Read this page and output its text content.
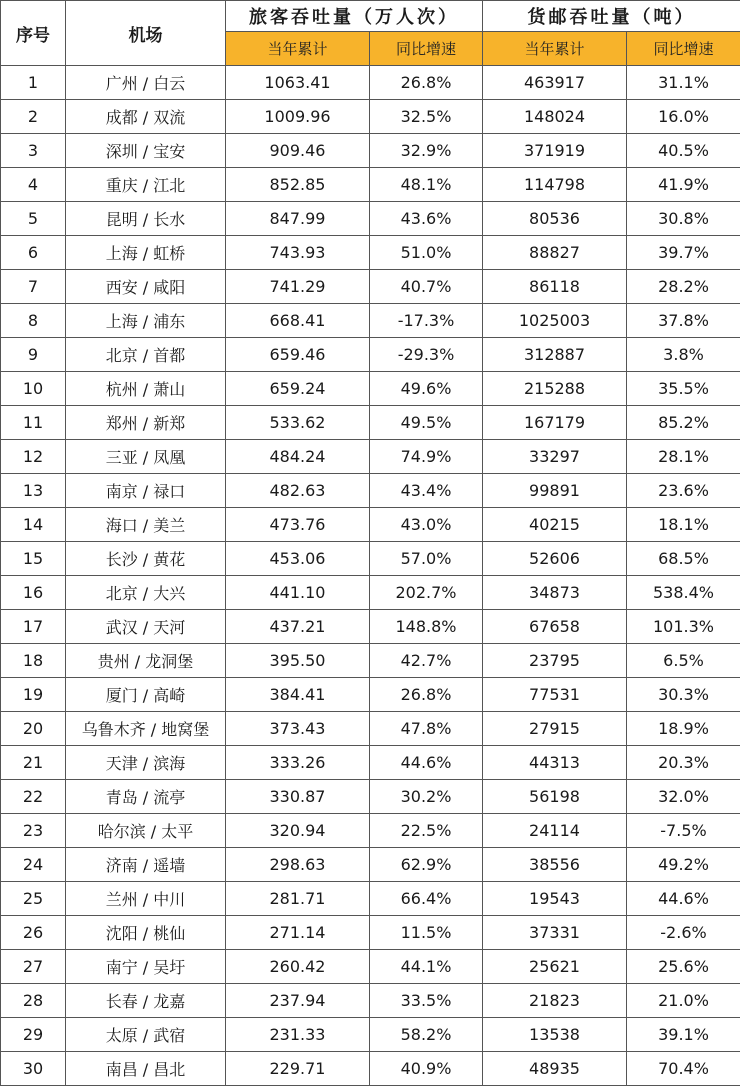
序号	机场	旅客吞吐量（万人次）		货邮吞吐量（吨）	
		当年累计	同比增速	当年累计	同比增速
1	广州 / 白云	1063.41	26.8%	463917	31.1%
2	成都 / 双流	1009.96	32.5%	148024	16.0%
3	深圳 / 宝安	909.46	32.9%	371919	40.5%
4	重庆 / 江北	852.85	48.1%	114798	41.9%
5	昆明 / 长水	847.99	43.6%	80536	30.8%
6	上海 / 虹桥	743.93	51.0%	88827	39.7%
7	西安 / 咸阳	741.29	40.7%	86118	28.2%
8	上海 / 浦东	668.41	-17.3%	1025003	37.8%
9	北京 / 首都	659.46	-29.3%	312887	3.8%
10	杭州 / 萧山	659.24	49.6%	215288	35.5%
11	郑州 / 新郑	533.62	49.5%	167179	85.2%
12	三亚 / 凤凰	484.24	74.9%	33297	28.1%
13	南京 / 禄口	482.63	43.4%	99891	23.6%
14	海口 / 美兰	473.76	43.0%	40215	18.1%
15	长沙 / 黄花	453.06	57.0%	52606	68.5%
16	北京 / 大兴	441.10	202.7%	34873	538.4%
17	武汉 / 天河	437.21	148.8%	67658	101.3%
18	贵州 / 龙洞堡	395.50	42.7%	23795	6.5%
19	厦门 / 高崎	384.41	26.8%	77531	30.3%
20	乌鲁木齐 / 地窝堡	373.43	47.8%	27915	18.9%
21	天津 / 滨海	333.26	44.6%	44313	20.3%
22	青岛 / 流亭	330.87	30.2%	56198	32.0%
23	哈尔滨 / 太平	320.94	22.5%	24114	-7.5%
24	济南 / 遥墙	298.63	62.9%	38556	49.2%
25	兰州 / 中川	281.71	66.4%	19543	44.6%
26	沈阳 / 桃仙	271.14	11.5%	37331	-2.6%
27	南宁 / 吴圩	260.42	44.1%	25621	25.6%
28	长春 / 龙嘉	237.94	33.5%	21823	21.0%
29	太原 / 武宿	231.33	58.2%	13538	39.1%
30	南昌 / 昌北	229.71	40.9%	48935	70.4%
